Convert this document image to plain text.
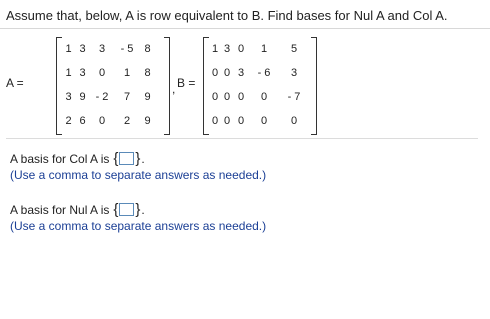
Assume that, below, A is row equivalent to B. Find bases for Nul A and Col A.
A =
1	3	3	- 5	8
1	3	0	1	8
3	9	- 2	7	9
2	6	0	2	9
, B =
1	3	0	1	5
0	0	3	- 6	3
0	0	0	0	- 7
0	0	0	0	0
A basis for Col A is { } .
(Use a comma to separate answers as needed.)
A basis for Nul A is { } .
(Use a comma to separate answers as needed.)
